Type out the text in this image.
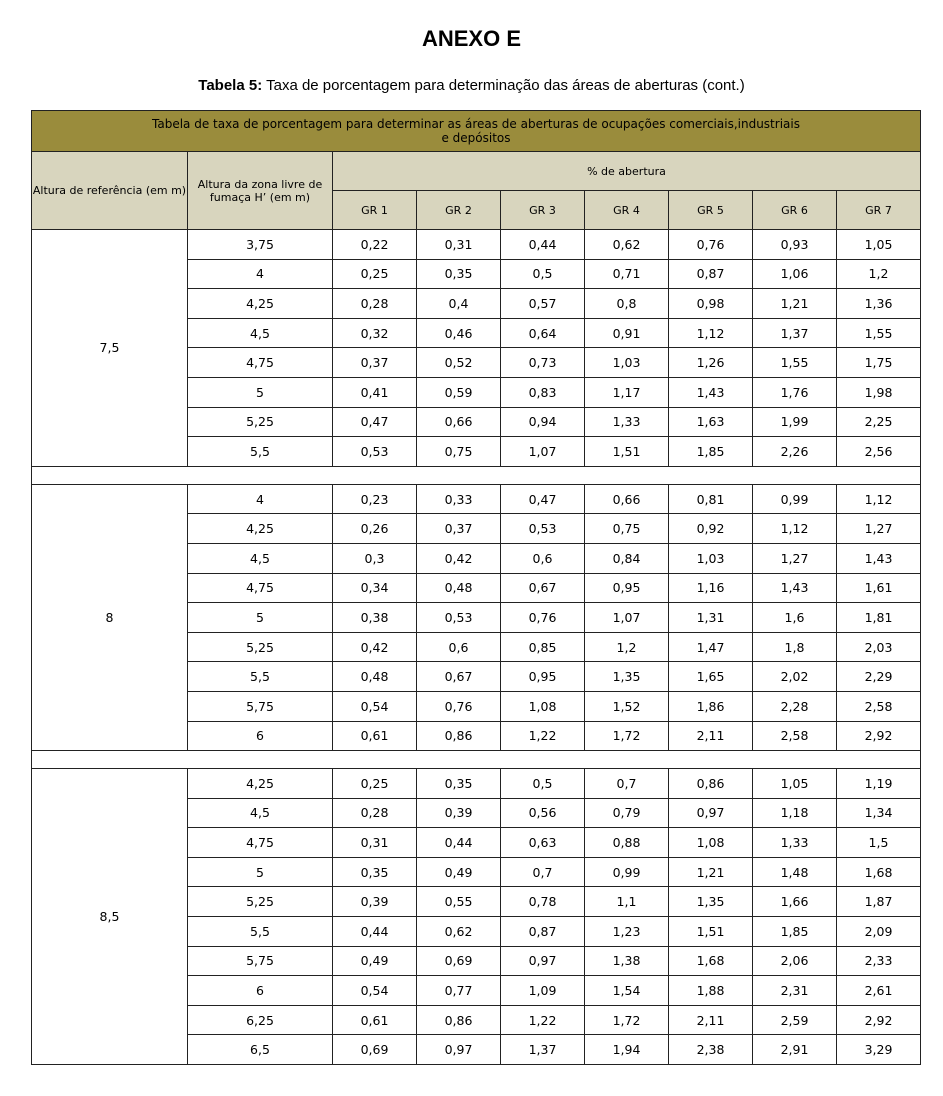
ANEXO E
Tabela 5: Taxa de porcentagem para determinação das áreas de aberturas (cont.)
Tabela de taxa de porcentagem para determinar as áreas de aberturas de ocupações comerciais,industriais
e depósitos								
Altura de referência (em m)	Altura da zona livre de fumaça H’ (em m)	% de abertura						
		GR 1	GR 2	GR 3	GR 4	GR 5	GR 6	GR 7
7,5	3,75	0,22	0,31	0,44	0,62	0,76	0,93	1,05
	4	0,25	0,35	0,5	0,71	0,87	1,06	1,2
	4,25	0,28	0,4	0,57	0,8	0,98	1,21	1,36
	4,5	0,32	0,46	0,64	0,91	1,12	1,37	1,55
	4,75	0,37	0,52	0,73	1,03	1,26	1,55	1,75
	5	0,41	0,59	0,83	1,17	1,43	1,76	1,98
	5,25	0,47	0,66	0,94	1,33	1,63	1,99	2,25
	5,5	0,53	0,75	1,07	1,51	1,85	2,26	2,56

8	4	0,23	0,33	0,47	0,66	0,81	0,99	1,12
	4,25	0,26	0,37	0,53	0,75	0,92	1,12	1,27
	4,5	0,3	0,42	0,6	0,84	1,03	1,27	1,43
	4,75	0,34	0,48	0,67	0,95	1,16	1,43	1,61
	5	0,38	0,53	0,76	1,07	1,31	1,6	1,81
	5,25	0,42	0,6	0,85	1,2	1,47	1,8	2,03
	5,5	0,48	0,67	0,95	1,35	1,65	2,02	2,29
	5,75	0,54	0,76	1,08	1,52	1,86	2,28	2,58
	6	0,61	0,86	1,22	1,72	2,11	2,58	2,92

8,5	4,25	0,25	0,35	0,5	0,7	0,86	1,05	1,19
	4,5	0,28	0,39	0,56	0,79	0,97	1,18	1,34
	4,75	0,31	0,44	0,63	0,88	1,08	1,33	1,5
	5	0,35	0,49	0,7	0,99	1,21	1,48	1,68
	5,25	0,39	0,55	0,78	1,1	1,35	1,66	1,87
	5,5	0,44	0,62	0,87	1,23	1,51	1,85	2,09
	5,75	0,49	0,69	0,97	1,38	1,68	2,06	2,33
	6	0,54	0,77	1,09	1,54	1,88	2,31	2,61
	6,25	0,61	0,86	1,22	1,72	2,11	2,59	2,92
	6,5	0,69	0,97	1,37	1,94	2,38	2,91	3,29
